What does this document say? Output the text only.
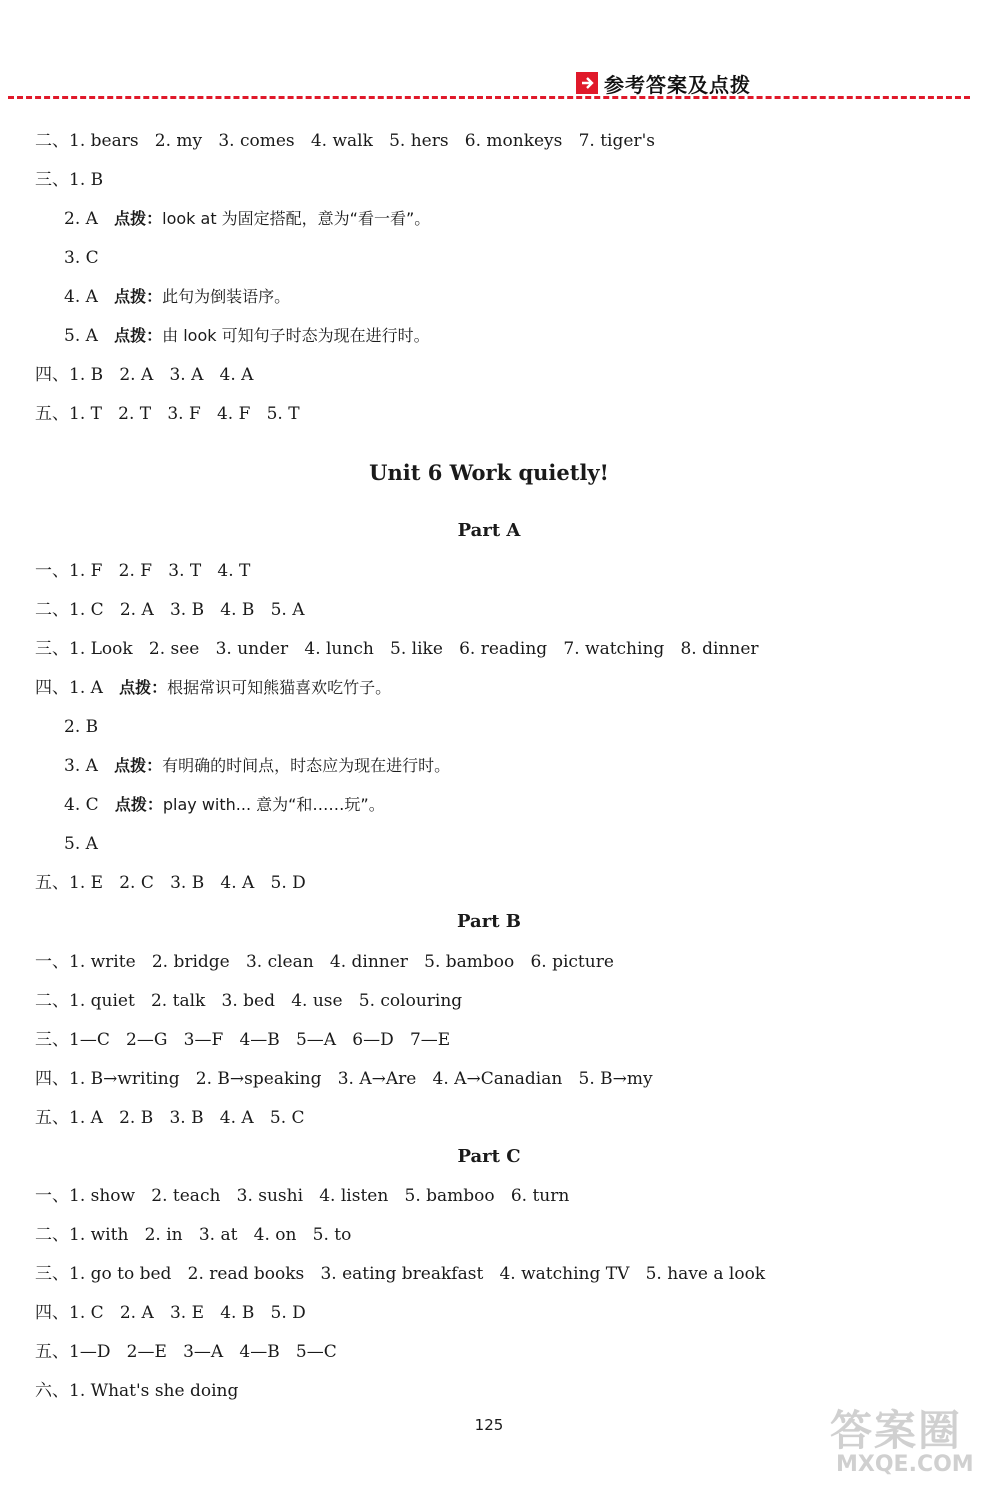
参考答案及点拨
二、1. bears   2. my   3. comes   4. walk   5. hers   6. monkeys   7. tiger's
三、1. B
2. A 点拨：look at 为固定搭配，意为“看一看”。
3. C
4. A 点拨：此句为倒装语序。
5. A 点拨：由 look 可知句子时态为现在进行时。
四、1. B   2. A   3. A   4. A
五、1. T   2. T   3. F   4. F   5. T
Unit 6 Work quietly!
Part A
一、1. F   2. F   3. T   4. T
二、1. C   2. A   3. B   4. B   5. A
三、1. Look   2. see   3. under   4. lunch   5. like   6. reading   7. watching   8. dinner
四、1. A 点拨：根据常识可知熊猫喜欢吃竹子。
2. B
3. A 点拨：有明确的时间点，时态应为现在进行时。
4. C 点拨：play with... 意为“和……玩”。
5. A
五、1. E   2. C   3. B   4. A   5. D
Part B
一、1. write   2. bridge   3. clean   4. dinner   5. bamboo   6. picture
二、1. quiet   2. talk   3. bed   4. use   5. colouring
三、1—C   2—G   3—F   4—B   5—A   6—D   7—E
四、1. B→writing   2. B→speaking   3. A→Are   4. A→Canadian   5. B→my
五、1. A   2. B   3. B   4. A   5. C
Part C
一、1. show   2. teach   3. sushi   4. listen   5. bamboo   6. turn
二、1. with   2. in   3. at   4. on   5. to
三、1. go to bed   2. read books   3. eating breakfast   4. watching TV   5. have a look
四、1. C   2. A   3. E   4. B   5. D
五、1—D   2—E   3—A   4—B   5—C
六、1. What's she doing
125	答案圈
MXQE.COM
